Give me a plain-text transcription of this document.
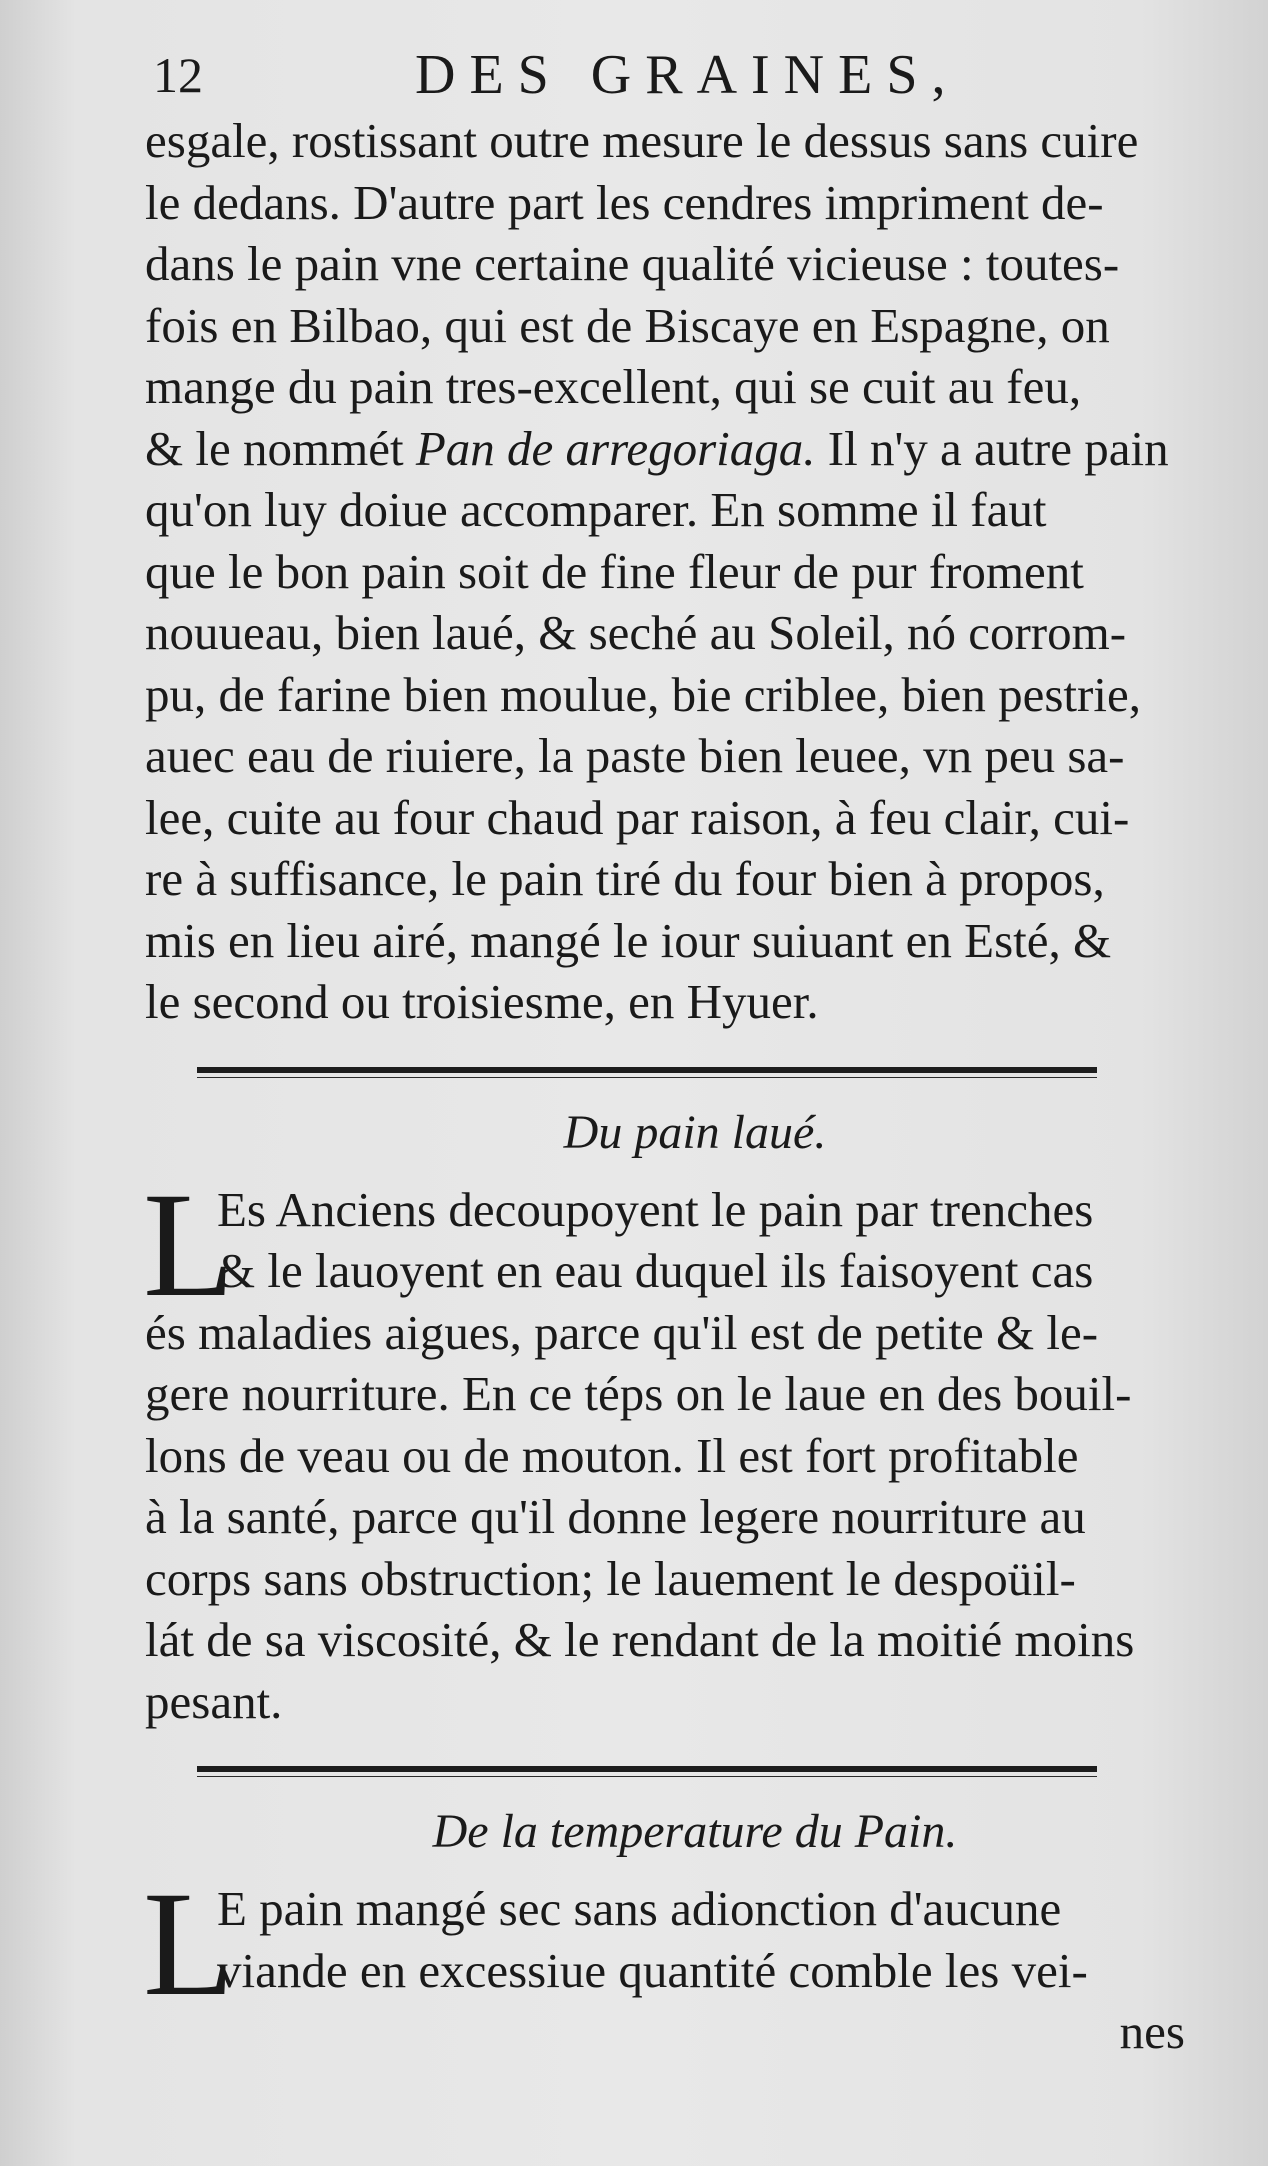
12	DES GRAINES,

esgale, rostissant outre mesure le dessus sans cuire
le dedans. D'autre part les cendres impriment de-
dans le pain vne certaine qualité vicieuse : toutes-
fois en Bilbao, qui est de Biscaye en Espagne, on
mange du pain tres-excellent, qui se cuit au feu,
& le nommét Pan de arregoriaga. Il n'y a autre pain
qu'on luy doiue accomparer. En somme il faut
que le bon pain soit de fine fleur de pur froment
nouueau, bien laué, & seché au Soleil, nó corrom-
pu, de farine bien moulue, bie criblee, bien pestrie,
auec eau de riuiere, la paste bien leuee, vn peu sa-
lee, cuite au four chaud par raison, à feu clair, cui-
re à suffisance, le pain tiré du four bien à propos,
mis en lieu airé, mangé le iour suiuant en Esté, &
le second ou troisiesme, en Hyuer.

Du pain laué.
L

Es Anciens decoupoyent le pain par trenches
& le lauoyent en eau duquel ils faisoyent cas
és maladies aigues, parce qu'il est de petite & le-
gere nourriture. En ce téps on le laue en des bouil-
lons de veau ou de mouton. Il est fort profitable
à la santé, parce qu'il donne legere nourriture au
corps sans obstruction; le lauement le despoüil-
lát de sa viscosité, & le rendant de la moitié moins
pesant.

De la temperature du Pain.
L

E pain mangé sec sans adionction d'aucune
viande en excessiue quantité comble les vei-

nes
